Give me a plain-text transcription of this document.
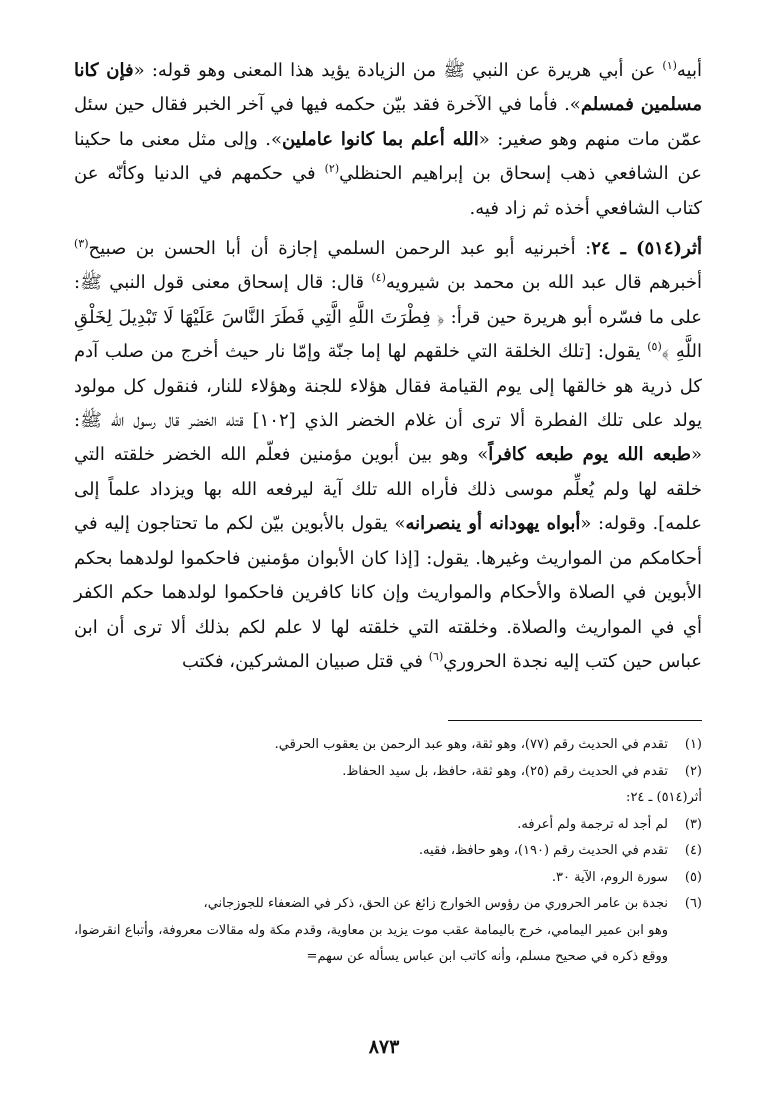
أبيه$^{(١)}$ عن أبي هريرة عن النبي ﷺ من الزيادة يؤيد هذا المعنى وهو قوله: «فإن كانا مسلمين فمسلم». فأما في الآخرة فقد بيّن حكمه فيها في آخر الخبر فقال حين سئل عمّن مات منهم وهو صغير: «الله أعلم بما كانوا عاملين». وإلى مثل معنى ما حكينا عن الشافعي ذهب إسحاق بن إبراهيم الحنظلي$^{(٢)}$ في حكمهم في الدنيا وكأنّه عن كتاب الشافعي أخذه ثم زاد فيه.

أثر(٥١٤) ـ ٢٤: أخبرنيه أبو عبد الرحمن السلمي إجازة أن أبا الحسن بن صبيح$^{(٣)}$ أخبرهم قال عبد الله بن محمد بن شيرويه$^{(٤)}$ قال: قال إسحاق معنى قول النبي ﷺ: على ما فسّره أبو هريرة حين قرأ: ﴿ فِطْرَتَ اللَّهِ الَّتِي فَطَرَ النَّاسَ عَلَيْهَا لَا تَبْدِيلَ لِخَلْقِ اللَّهِ ﴾$^{(٥)}$ يقول: [تلك الخلقة التي خلقهم لها إما جنّة وإمّا نار حيث أخرج من صلب آدم كل ذرية هو خالقها إلى يوم القيامة فقال هؤلاء للجنة وهؤلاء للنار، فنقول كل مولود يولد على تلك الفطرة ألا ترى أن غلام الخضر الذي [١٠٢] قتله الخضر قال رسول الله ﷺ: «طبعه الله يوم طبعه كافراً» وهو بين أبوين مؤمنين فعلّم الله الخضر خلقته التي خلقه لها ولم يُعلِّم موسى ذلك فأراه الله تلك آية ليرفعه الله بها ويزداد علماً إلى علمه]. وقوله: «أبواه يهودانه أو ينصرانه» يقول بالأبوين بيّن لكم ما تحتاجون إليه في أحكامكم من المواريث وغيرها. يقول: [إذا كان الأبوان مؤمنين فاحكموا لولدهما بحكم الأبوين في الصلاة والأحكام والمواريث وإن كانا كافرين فاحكموا لولدهما حكم الكفر أي في المواريث والصلاة. وخلقته التي خلقته لها لا علم لكم بذلك ألا ترى أن ابن عباس حين كتب إليه نجدة الحروري$^{(٦)}$ في قتل صبيان المشركين، فكتب

(١)تقدم في الحديث رقم (٧٧)، وهو ثقة، وهو عبد الرحمن بن يعقوب الحرقي.

(٢)تقدم في الحديث رقم (٢٥)، وهو ثقة، حافظ، بل سيد الحفاظ.

أثر(٥١٤) ـ ٢٤:

(٣)لم أجد له ترجمة ولم أعرفه.

(٤)تقدم في الحديث رقم (١٩٠)، وهو حافظ، فقيه.

(٥)سورة الروم، الآية ٣٠.

(٦)نجدة بن عامر الحروري من رؤوس الخوارج زائغ عن الحق، ذكر في الضعفاء للجوزجاني،

وهو ابن عمير اليمامي، خرج باليمامة عقب موت يزيد بن معاوية، وقدم مكة وله مقالات معروفة، وأتباع انقرضوا، ووقع ذكره في صحيح مسلم، وأنه كاتب ابن عباس يسأله عن سهم=

٨٧٣
